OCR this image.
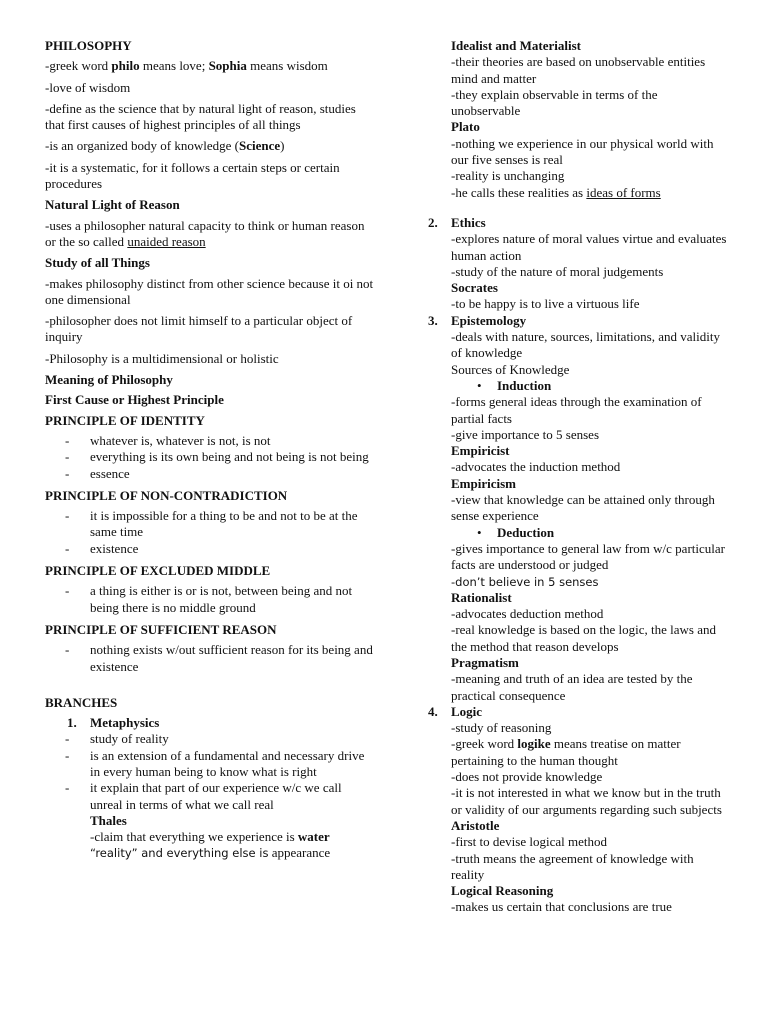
PHILOSOPHY

-greek word philo means love; Sophia means wisdom

-love of wisdom

-define as the science that by natural light of reason, studies that first causes of highest principles of all things

-is an organized body of knowledge (Science)

-it is a systematic, for it follows a certain steps or certain procedures

Natural Light of Reason

-uses a philosopher natural capacity to think or human reason or the so called unaided reason

Study of all Things

-makes philosophy distinct from other science because it oi not one dimensional

-philosopher does not limit himself to a particular object of inquiry

-Philosophy is a multidimensional or holistic

Meaning of Philosophy

First Cause or Highest Principle

PRINCIPLE OF IDENTITY

- whatever is, whatever is not, is not
- everything is its own being and not being is not being
- essence

PRINCIPLE OF NON-CONTRADICTION

- it is impossible for a thing to be and not to be at the same time
- existence

PRINCIPLE OF EXCLUDED MIDDLE

- a thing is either is or is not, between being and not being there is no middle ground

PRINCIPLE OF SUFFICIENT REASON

- nothing exists w/out sufficient reason for its being and existence

BRANCHES

1. Metaphysics
- study of reality
- is an extension of a fundamental and necessary drive in every human being to know what is right
- it explain that part of our experience w/c we call unreal in terms of what we call real

Thales

-claim that everything we experience is water “reality” and everything else is appearance

Idealist and Materialist

-their theories are based on unobservable entities mind and matter

-they explain observable in terms of the unobservable

Plato

-nothing we experience in our physical world with our five senses is real

-reality is unchanging

-he calls these realities as ideas of forms

2. Ethics

-explores nature of moral values virtue and evaluates human action

-study of the nature of moral judgements

Socrates

-to be happy is to live a virtuous life

3. Epistemology

-deals with nature, sources, limitations, and validity of knowledge

Sources of Knowledge

• Induction

-forms general ideas through the examination of partial facts

-give importance to 5 senses

Empiricist

-advocates the induction method

Empiricism

-view that knowledge can be attained only through sense experience

• Deduction

-gives importance to general law from w/c particular facts are understood or judged

-don’t believe in 5 senses

Rationalist

-advocates deduction method

-real knowledge is based on the logic, the laws and the method that reason develops

Pragmatism

-meaning and truth of an idea are tested by the practical consequence

4. Logic

-study of reasoning

-greek word logike means treatise on matter pertaining to the human thought

-does not provide knowledge

-it is not interested in what we know but in the truth or validity of our arguments regarding such subjects

Aristotle

-first to devise logical method

-truth means the agreement of knowledge with reality

Logical Reasoning

-makes us certain that conclusions are true
